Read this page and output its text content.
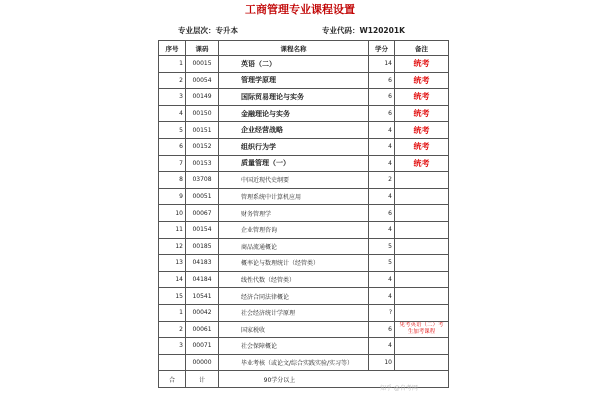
工商管理专业课程设置
专业层次：专升本	专业代码：W120201K
序号	课码	课程名称	学分	备注
1	00015	英语（二）	14	统考
2	00054	管理学原理	6	统考
3	00149	国际贸易理论与实务	6	统考
4	00150	金融理论与实务	6	统考
5	00151	企业经营战略	4	统考
6	00152	组织行为学	4	统考
7	00153	质量管理（一）	4	统考
8	03708	中国近现代史纲要	2	
9	00051	管理系统中计算机应用	4	
10	00067	财务管理学	6	
11	00154	企业管理咨询	4	
12	00185	商品流通概论	5	
13	04183	概率论与数理统计（经管类）	5	
14	04184	线性代数（经管类）	4	
15	10541	经济合同法律概论	4	
1	00042	社会经济统计学原理	?	
2	00061	国家税收	6	免考英语（二）考生加考课程
3	00071	社会保障概论	4	
	00000	毕业考核（或论文/综合实践实验/实习等）	10	
合	计	90学分以上		
知乎 @自考网
